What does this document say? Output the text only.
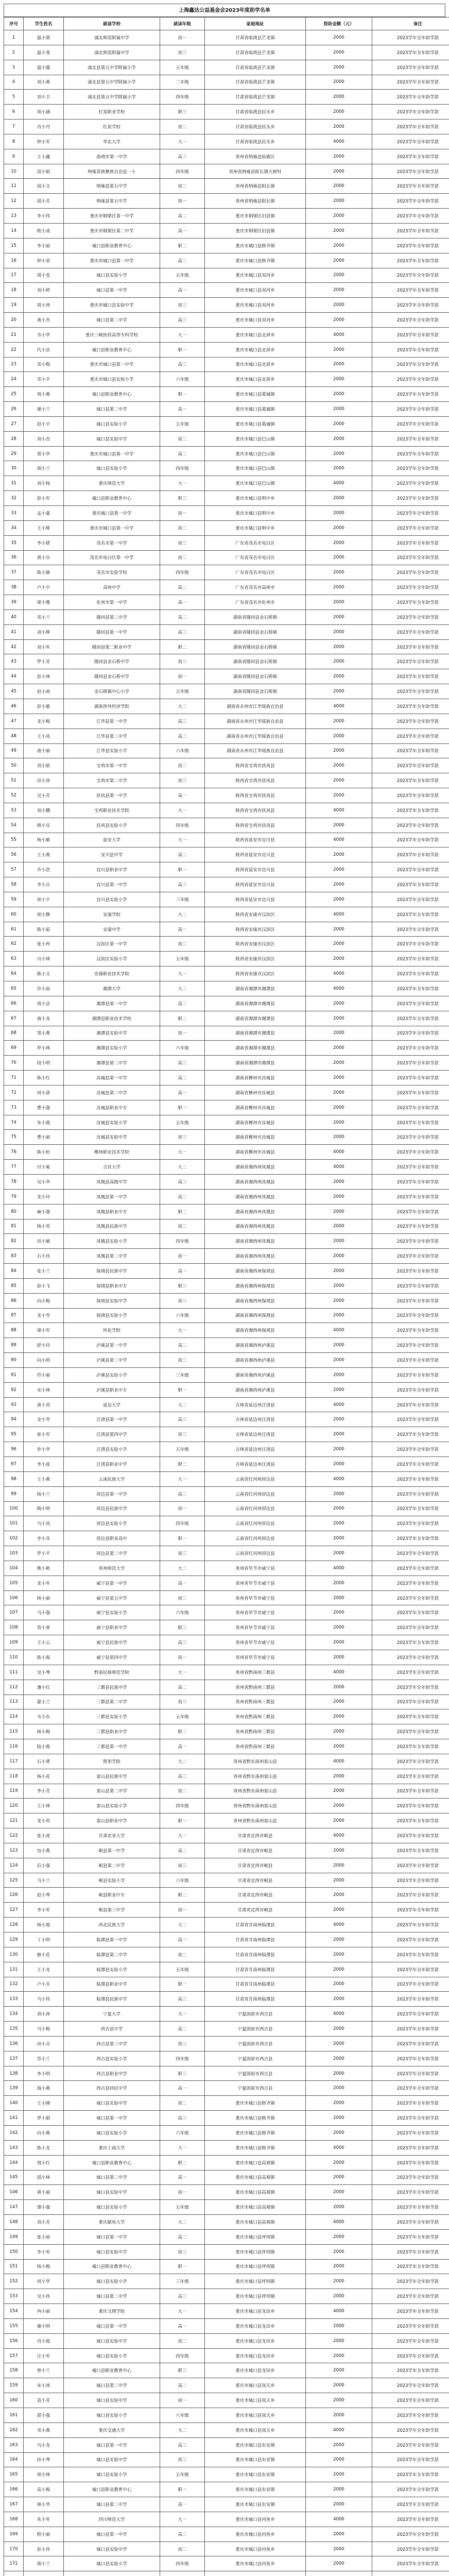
上海鑫达公益基金会2023年度助学名单
序号	学生姓名	就读学校	就读年级	家庭地址	资助金额（元）	备注
1	温小梁	浦北师范附属中学	初一	甘肃省临洮县芒龙镇	2000	2023学年全年助学款
2	温小斐	浦北师范附属中学	初三	甘肃省临洮县芒龙镇	2000	2023学年全年助学款
3	温小媛	浦北县第五中学附属小学	五年级	甘肃省临洮县芒龙镇	2000	2023学年全年助学款
4	刘小燕	浦北县第五中学附属小学	二年级	甘肃省临洮县芒龙镇	2000	2023学年全年助学款
5	刘小卫	浦北县第五中学附属小学	四年级	甘肃省临洮县芒龙镇	2000	2023学年全年助学款
6	胡小涵	红星职业学校	职三	甘肃省临洮县民乐乡	2000	2023学年全年助学款
7	肖小丹	红星学校	初二	甘肃省临洮县民乐乡	2000	2023学年全年助学款
8	钟小军	华北大学	大一	甘肃省临洮县民乐乡	4000	2023学年全年助学款
9	王小鑫	曲靖市第一中学	高三	贵州省纳雍县仙鹿区	2000	2023学年全年助学款
10	邱小韬	纳雍苗族彝族自治县一小	四年级	贵州省纳雍县阳长镇大树村	2000	2023学年全年助学款
11	邱小文	纳雍县第五中学	初二	贵州省纳雍县阳长镇	2000	2023学年全年助学款
12	邱小芳	纳雍县第五中学	初一	贵州省纳雍县阳长镇	2000	2023学年全年助学款
13	李小伟	重庆市铜梁区第一中学	高二	重庆市铜梁区旧县镇	2000	2023学年全年助学款
14	欧小成	重庆市铜梁区第二中学	高一	重庆市铜梁区旧县镇	2000	2023学年全年助学款
15	李小丽	城口县职业教育中心	职二	重庆市城口县修齐镇	2000	2023学年全年助学款
16	钟小荣	重庆市城口县第一中学	高二	重庆市城口县修齐镇	2000	2023学年全年助学款
17	周小雯	城口县实验小学	五年级	重庆市城口县双河乡	2000	2023学年全年助学款
18	刘小婷	城口县第一中学	高一	重庆市城口县双河乡	2000	2023学年全年助学款
19	周小涛	重庆市城口县实验中学	初三	重庆市城口县双河乡	2000	2023学年全年助学款
20	龚小杰	城口县第二中学	高三	重庆市城口县双河乡	2000	2023学年全年助学款
21	韦小华	重庆三峡医药高等专科学校	大一	重庆市城口县北屏乡	4000	2023学年全年助学款
22	代小洁	城口县职业教育中心	职一	重庆市城口县北屏乡	2000	2023学年全年助学款
23	邓小梅	重庆市城口县第一中学	高三	重庆市城口县北屏乡	2000	2023学年全年助学款
24	邓小平	重庆市城口县实验小学	六年级	重庆市城口县北屏乡	2000	2023学年全年助学款
25	周小燕	城口县职业教育中心	职一	重庆市城口县葛城镇	2000	2023学年全年助学款
26	谢小兰	城口县第二中学	高一	重庆市城口县葛城镇	2000	2023学年全年助学款
27	赵小宇	城口县实验小学	五年级	重庆市城口县葛城镇	2000	2023学年全年助学款
28	刘小杰	城口县实验中学	初二	重庆市城口县巴山镇	2000	2023学年全年助学款
29	郑小华	重庆市城口县第一中学	高二	重庆市城口县巴山镇	2000	2023学年全年助学款
30	胡小兰	城口县实验小学	四年级	重庆市城口县巴山镇	2000	2023学年全年助学款
31	刘小杨	重庆师范大学	大一	重庆市城口县巴山镇	4000	2023学年全年助学款
32	彭小军	城口县职业教育中心	职三	重庆市城口县明中乡	2000	2023学年全年助学款
33	孟小嘉	重庆城口县第一中学	初一	重庆市城口县明中乡	2000	2023学年全年助学款
34	王小辉	重庆市城口县第一中学	初二	重庆市城口县明中乡	2000	2023学年全年助学款
35	李小倩	茂名市第一中学	初三	广东省茂名市电白区	2000	2023学年全年助学款
36	黄小乐	茂名市电白区第一中学	初二	广东省茂名市电白区	2000	2023学年全年助学款
37	陈小颖	茂名市实验学校	四年级	广东省茂名市电白区	2000	2023学年全年助学款
38	卢小宇	高州中学	高二	广东省茂名市高州市	2000	2023学年全年助学款
39	梁小雅	化州市第一中学	高一	广东省茂名市化州市	2000	2023学年全年助学款
40	邓小兰	隆回县第二中学	高二	湖南省隆回县金石桥镇	2000	2023学年全年助学款
41	刘小辉	隆回县第一中学	高三	湖南省隆回县金石桥镇	2000	2023学年全年助学款
42	刘小军	隆回县第二职业中学	职二	湖南省隆回县金石桥镇	2000	2023学年全年助学款
43	罗小芳	隆回县金石桥中学	初三	湖南省隆回县金石桥镇	2000	2023学年全年助学款
44	彭小林	隆回县金石桥中学	初一	湖南省隆回县金石桥镇	2000	2023学年全年助学款
45	赵小雨	金石桥镇中心小学	五年级	湖南省隆回县金石桥镇	2000	2023学年全年助学款
46	彭小敏	湖南涉外经济学院	大二	湖南省永州市江华瑶族自治县	4000	2023学年全年助学款
47	龙小梅	江华县第一中学	高三	湖南省永州市江华瑶族自治县	2000	2023学年全年助学款
48	王小凤	江华县第二中学	高二	湖南省永州市江华瑶族自治县	2000	2023学年全年助学款
49	唐小丽	江华县实验小学	六年级	湖南省永州市江华瑶族自治县	2000	2023学年全年助学款
50	刘小娇	宝鸡市第一中学	初二	陕西省宝鸡市扶风县	2000	2023学年全年助学款
51	田小涛	宝鸡市第二中学	初三	陕西省宝鸡市扶风县	2000	2023学年全年助学款
52	吴小芳	扶风县第一中学	高一	陕西省宝鸡市扶风县	2000	2023学年全年助学款
53	刘小鹏	宝鸡职业技术学院	大一	陕西省宝鸡市扶风县	4000	2023学年全年助学款
54	韩小乐	扶风县实验小学	四年级	陕西省宝鸡市扶风县	2000	2023学年全年助学款
55	杨小敏	延安大学	大一	陕西省延安市宜川县	4000	2023学年全年助学款
56	王小燕	宜川县中学	高二	陕西省延安市宜川县	2000	2023学年全年助学款
57	乔小浩	宜川县职业中学	职一	陕西省延安市宜川县	2000	2023学年全年助学款
58	李小兵	宜川县第一中学	高三	陕西省延安市宜川县	2000	2023学年全年助学款
59	侯小宇	宜川县实验小学	三年级	陕西省延安市宜川县	2000	2023学年全年助学款
60	胡小静	安康学院	大二	陕西省安康市汉滨区	4000	2023学年全年助学款
61	陈小茹	安康中学	高一	陕西省安康市汉滨区	2000	2023学年全年助学款
62	张小冉	汉滨区第一中学	初二	陕西省安康市汉滨区	2000	2023学年全年助学款
63	冯小林	汉滨区实验小学	五年级	陕西省安康市汉滨区	2000	2023学年全年助学款
64	陈小文	安康职业技术学院	大一	陕西省安康市汉滨区	4000	2023学年全年助学款
65	许小雨	湘潭大学	大二	湖南省湘潭市湘潭县	4000	2023学年全年助学款
66	周小洁	湘潭县第一中学	高二	湖南省湘潭市湘潭县	2000	2023学年全年助学款
67	唐小龙	湘潭县职业技术学校	职二	湖南省湘潭市湘潭县	2000	2023学年全年助学款
68	邹小燕	湘潭县实验中学	初一	湖南省湘潭市湘潭县	2000	2023学年全年助学款
69	罗小林	湘潭县实验小学	六年级	湖南省湘潭市湘潭县	2000	2023学年全年助学款
70	段小明	湘潭县第二中学	高三	湖南省湘潭市湘潭县	2000	2023学年全年助学款
71	陈小红	汝城县第一中学	高二	湖南省郴州市汝城县	2000	2023学年全年助学款
72	何小清	汝城县第二中学	高一	湖南省郴州市汝城县	2000	2023学年全年助学款
73	曹小强	汝城县职业中专	职一	湖南省郴州市汝城县	2000	2023学年全年助学款
74	朱小霞	汝城县实验小学	五年级	湖南省郴州市汝城县	2000	2023学年全年助学款
75	曹小丽	汝城县实验中学	初三	湖南省郴州市汝城县	2000	2023学年全年助学款
76	陈小松	郴州职业技术学院	大一	湖南省郴州市汝城县	4000	2023学年全年助学款
77	付小菊	吉首大学	大二	湖南省湘西州凤凰县	4000	2023学年全年助学款
78	吴小华	凤凰县高级中学	高三	湖南省湘西州凤凰县	2000	2023学年全年助学款
79	龙小玲	凤凰县第一中学	高二	湖南省湘西州凤凰县	2000	2023学年全年助学款
80	麻小强	凤凰县职业中专	职二	湖南省湘西州凤凰县	2000	2023学年全年助学款
81	杨小英	凤凰县民族中学	初二	湖南省湘西州凤凰县	2000	2023学年全年助学款
82	田小敏	凤凰县实验小学	四年级	湖南省湘西州凤凰县	2000	2023学年全年助学款
83	石小伟	凤凰县第二中学	初一	湖南省湘西州凤凰县	2000	2023学年全年助学款
84	张小兰	保靖县民族中学	高一	湖南省湘西州保靖县	2000	2023学年全年助学款
85	彭小飞	保靖县职业中专	职三	湖南省湘西州保靖县	2000	2023学年全年助学款
86	向小梅	保靖县实验中学	初三	湖南省湘西州保靖县	2000	2023学年全年助学款
87	龙小雪	保靖县实验小学	六年级	湖南省湘西州保靖县	2000	2023学年全年助学款
88	梁小军	怀化学院	大一	湖南省湘西州保靖县	4000	2023学年全年助学款
89	舒小玲	泸溪县第一中学	高二	湖南省湘西州泸溪县	2000	2023学年全年助学款
90	向小明	泸溪县第二中学	初二	湖南省湘西州泸溪县	2000	2023学年全年助学款
91	符小丽	泸溪县实验小学	三年级	湖南省湘西州泸溪县	2000	2023学年全年助学款
92	宋小林	泸溪县职业中专	职一	湖南省湘西州泸溪县	2000	2023学年全年助学款
93	黄小英	延边大学	大二	吉林省延边州汪清县	4000	2023学年全年助学款
94	金小雪	汪清县第一中学	高三	吉林省延边州汪清县	2000	2023学年全年助学款
95	崔小军	汪清县第四中学	初三	吉林省延边州汪清县	2000	2023学年全年助学款
96	朴小华	汪清县实验小学	五年级	吉林省延边州汪清县	2000	2023学年全年助学款
97	李小波	汪清县职业中学	职二	吉林省延边州汪清县	2000	2023学年全年助学款
98	王小燕	云南民族大学	大一	云南省红河州屏边县	4000	2023学年全年助学款
99	杨小兰	屏边县第一中学	高二	云南省红河州屏边县	2000	2023学年全年助学款
100	陶小明	屏边县民族中学	初一	云南省红河州屏边县	2000	2023学年全年助学款
101	马小凤	屏边县实验小学	四年级	云南省红河州屏边县	2000	2023学年全年助学款
102	李小芬	屏边县职业高中	职一	云南省红河州屏边县	2000	2023学年全年助学款
103	罗小平	屏边县第二中学	初三	云南省红河州屏边县	2000	2023学年全年助学款
104	熊小艳	贵州师范大学	大二	贵州省毕节市威宁县	4000	2023学年全年助学款
105	龙小军	威宁县第一中学	高一	贵州省毕节市威宁县	2000	2023学年全年助学款
106	杨小丽	威宁县第五中学	初二	贵州省毕节市威宁县	2000	2023学年全年助学款
107	马小强	威宁县实验小学	六年级	贵州省毕节市威宁县	2000	2023学年全年助学款
108	管小翠	威宁县职业中学	职三	贵州省毕节市威宁县	2000	2023学年全年助学款
109	王小云	威宁县民族中学	高三	贵州省毕节市威宁县	2000	2023学年全年助学款
110	陈小海	威宁县第四中学	初一	贵州省毕节市威宁县	2000	2023学年全年助学款
111	吴小琴	黔南民族师范学院	大一	贵州省黔南州三都县	4000	2023学年全年助学款
112	潘小红	三都县民族中学	高二	贵州省黔南州三都县	2000	2023学年全年助学款
113	蒙小兰	三都县第二中学	初三	贵州省黔南州三都县	2000	2023学年全年助学款
114	韦小东	三都县实验小学	五年级	贵州省黔南州三都县	2000	2023学年全年助学款
115	杨小梅	三都县职业中学	职二	贵州省黔南州三都县	2000	2023学年全年助学款
116	陆小霞	三都县第一中学	高一	贵州省黔南州三都县	2000	2023学年全年助学款
117	石小勇	凯里学院	大二	贵州省黔东南州雷山县	4000	2023学年全年助学款
118	杨小花	雷山县民族中学	高三	贵州省黔东南州雷山县	2000	2023学年全年助学款
119	李小芳	雷山县第二中学	初二	贵州省黔东南州雷山县	2000	2023学年全年助学款
120	王小林	雷山县实验小学	四年级	贵州省黔东南州雷山县	2000	2023学年全年助学款
121	龙小英	雷山县职业中学	职一	贵州省黔东南州雷山县	2000	2023学年全年助学款
122	张小虎	甘肃农业大学	大一	甘肃省定西市岷县	4000	2023学年全年助学款
123	包小燕	岷县第一中学	高二	甘肃省定西市岷县	2000	2023学年全年助学款
124	后小强	岷县第二中学	初三	甘肃省定西市岷县	2000	2023学年全年助学款
125	马小兰	岷县实验小学	六年级	甘肃省定西市岷县	2000	2023学年全年助学款
126	赵小琴	岷县职业中专	职二	甘肃省定西市岷县	2000	2023学年全年助学款
127	李小军	岷县第三中学	初一	甘肃省定西市岷县	2000	2023学年全年助学款
128	杨小霞	西北民族大学	大二	甘肃省甘南州临潭县	4000	2023学年全年助学款
129	丁小明	临潭县第一中学	高一	甘肃省甘南州临潭县	2000	2023学年全年助学款
130	敏小花	临潭县第二中学	初二	甘肃省甘南州临潭县	2000	2023学年全年助学款
131	王小龙	临潭县实验小学	五年级	甘肃省甘南州临潭县	2000	2023学年全年助学款
132	卢小芳	临潭县职业中学	职一	甘肃省甘南州临潭县	2000	2023学年全年助学款
133	马小伟	临潭县民族中学	高三	甘肃省甘南州临潭县	2000	2023学年全年助学款
134	刘小涛	宁夏大学	大一	宁夏固原市西吉县	4000	2023学年全年助学款
135	马小梅	西吉县中学	高二	宁夏固原市西吉县	2000	2023学年全年助学款
136	田小兵	西吉县第三中学	初三	宁夏固原市西吉县	2000	2023学年全年助学款
137	苏小兰	西吉县实验小学	四年级	宁夏固原市西吉县	2000	2023学年全年助学款
138	李小明	西吉县职业中学	职三	宁夏固原市西吉县	2000	2023学年全年助学款
139	海小燕	西吉县回民中学	高一	宁夏固原市西吉县	2000	2023学年全年助学款
140	王小刚	城口县实验中学	初二	重庆市城口县修齐镇	2000	2023学年全年助学款
141	罗小娟	城口县第一中学	高三	重庆市城口县修齐镇	2000	2023学年全年助学款
142	向小燕	城口县实验小学	六年级	重庆市城口县修齐镇	2000	2023学年全年助学款
143	陈小龙	重庆工商大学	大一	重庆市城口县修齐镇	4000	2023学年全年助学款
144	周小红	城口县职业教育中心	职二	重庆市城口县高观镇	2000	2023学年全年助学款
145	邱小林	城口县第二中学	高一	重庆市城口县高观镇	2000	2023学年全年助学款
146	黄小丽	城口县实验中学	初一	重庆市城口县高观镇	2000	2023学年全年助学款
147	谭小强	城口县实验小学	五年级	重庆市城口县高观镇	2000	2023学年全年助学款
148	刘小芳	重庆邮电大学	大二	重庆市城口县高观镇	4000	2023学年全年助学款
149	张小雨	城口县第一中学	高二	重庆市城口县坪坝镇	2000	2023学年全年助学款
150	李小军	城口县实验中学	初三	重庆市城口县坪坝镇	2000	2023学年全年助学款
151	杨小梅	城口县职业教育中心	职一	重庆市城口县坪坝镇	2000	2023学年全年助学款
152	何小华	城口县实验小学	三年级	重庆市城口县坪坝镇	2000	2023学年全年助学款
153	吴小伟	城口县第二中学	高三	重庆市城口县坪坝镇	2000	2023学年全年助学款
154	冉小丽	重庆文理学院	大一	重庆市城口县龙田乡	4000	2023学年全年助学款
155	谢小明	城口县第一中学	高一	重庆市城口县龙田乡	2000	2023学年全年助学款
156	肖小霞	城口县实验中学	初二	重庆市城口县龙田乡	2000	2023学年全年助学款
157	汪小军	城口县实验小学	四年级	重庆市城口县龙田乡	2000	2023学年全年助学款
158	曾小兰	城口县职业教育中心	职三	重庆市城口县龙田乡	2000	2023学年全年助学款
159	宋小涛	城口县第二中学	高二	重庆市城口县岚天乡	2000	2023学年全年助学款
160	袁小芳	城口县实验中学	初一	重庆市城口县岚天乡	2000	2023学年全年助学款
161	郭小强	城口县实验小学	六年级	重庆市城口县岚天乡	2000	2023学年全年助学款
162	邓小燕	重庆交通大学	大二	重庆市城口县岚天乡	4000	2023学年全年助学款
163	马小龙	城口县第一中学	高三	重庆市城口县东安镇	2000	2023学年全年助学款
164	孙小琴	城口县实验中学	初三	重庆市城口县东安镇	2000	2023学年全年助学款
165	胡小林	城口县实验小学	五年级	重庆市城口县东安镇	2000	2023学年全年助学款
166	高小梅	城口县职业教育中心	职一	重庆市城口县东安镇	2000	2023学年全年助学款
167	林小华	城口县第二中学	高一	重庆市城口县东安镇	2000	2023学年全年助学款
168	朱小军	四川师范大学	大一	重庆市城口县河鱼乡	4000	2023学年全年助学款
169	程小丽	城口县第一中学	高二	重庆市城口县河鱼乡	2000	2023学年全年助学款
170	彭小伟	城口县实验中学	初二	重庆市城口县河鱼乡	2000	2023学年全年助学款
171	蒋小兰	城口县实验小学	四年级	重庆市城口县河鱼乡	2000	2023学年全年助学款
